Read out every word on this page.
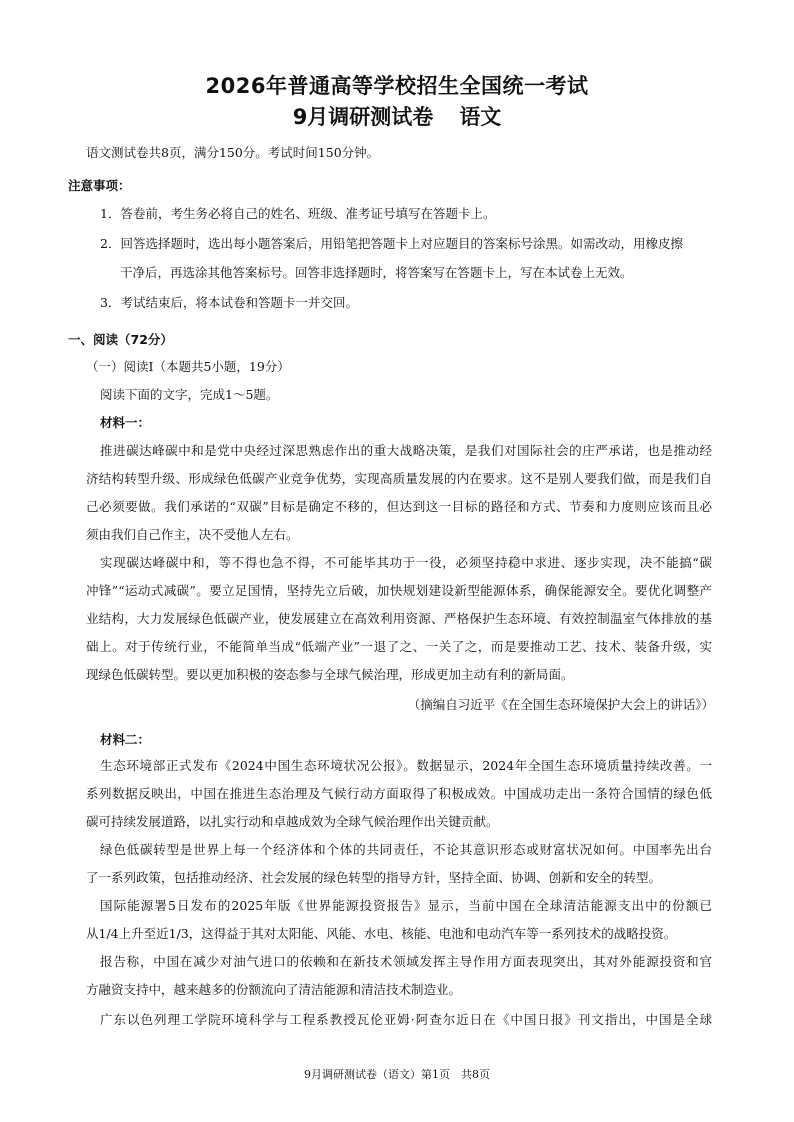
2026年普通高等学校招生全国统一考试
9月调研测试卷 语文
语文测试卷共8页，满分150分。考试时间150分钟。
注意事项：
1．答卷前，考生务必将自己的姓名、班级、准考证号填写在答题卡上。
2．回答选择题时，选出每小题答案后，用铅笔把答题卡上对应题目的答案标号涂黑。如需改动，用橡皮擦
干净后，再选涂其他答案标号。回答非选择题时，将答案写在答题卡上，写在本试卷上无效。
3．考试结束后，将本试卷和答题卡一并交回。
一、阅读（72分）
（一）阅读Ⅰ（本题共5小题，19分）
阅读下面的文字，完成1～5题。
材料一：
推进碳达峰碳中和是党中央经过深思熟虑作出的重大战略决策，是我们对国际社会的庄严承诺，也是推动经
济结构转型升级、形成绿色低碳产业竞争优势，实现高质量发展的内在要求。这不是别人要我们做，而是我们自
己必须要做。我们承诺的“双碳”目标是确定不移的，但达到这一目标的路径和方式、节奏和力度则应该而且必
须由我们自己作主，决不受他人左右。
实现碳达峰碳中和，等不得也急不得，不可能毕其功于一役，必须坚持稳中求进、逐步实现，决不能搞“碳
冲锋”“运动式减碳”。要立足国情，坚持先立后破，加快规划建设新型能源体系，确保能源安全。要优化调整产
业结构，大力发展绿色低碳产业，使发展建立在高效利用资源、严格保护生态环境、有效控制温室气体排放的基
础上。对于传统行业，不能简单当成“低端产业”一退了之、一关了之，而是要推动工艺、技术、装备升级，实
现绿色低碳转型。要以更加积极的姿态参与全球气候治理，形成更加主动有利的新局面。
（摘编自习近平《在全国生态环境保护大会上的讲话》）
材料二：
生态环境部正式发布《2024中国生态环境状况公报》。数据显示，2024年全国生态环境质量持续改善。一
系列数据反映出，中国在推进生态治理及气候行动方面取得了积极成效。中国成功走出一条符合国情的绿色低
碳可持续发展道路，以扎实行动和卓越成效为全球气候治理作出关键贡献。
绿色低碳转型是世界上每一个经济体和个体的共同责任，不论其意识形态或财富状况如何。中国率先出台
了一系列政策，包括推动经济、社会发展的绿色转型的指导方针，坚持全面、协调、创新和安全的转型。
国际能源署5日发布的2025年版《世界能源投资报告》显示，当前中国在全球清洁能源支出中的份额已
从1/4上升至近1/3，这得益于其对太阳能、风能、水电、核能、电池和电动汽车等一系列技术的战略投资。
报告称，中国在减少对油气进口的依赖和在新技术领域发挥主导作用方面表现突出，其对外能源投资和官
方融资支持中，越来越多的份额流向了清洁能源和清洁技术制造业。
广东以色列理工学院环境科学与工程系教授瓦伦亚姆·阿查尔近日在《中国日报》刊文指出，中国是全球
9月调研测试卷（语文）第1页　共8页
